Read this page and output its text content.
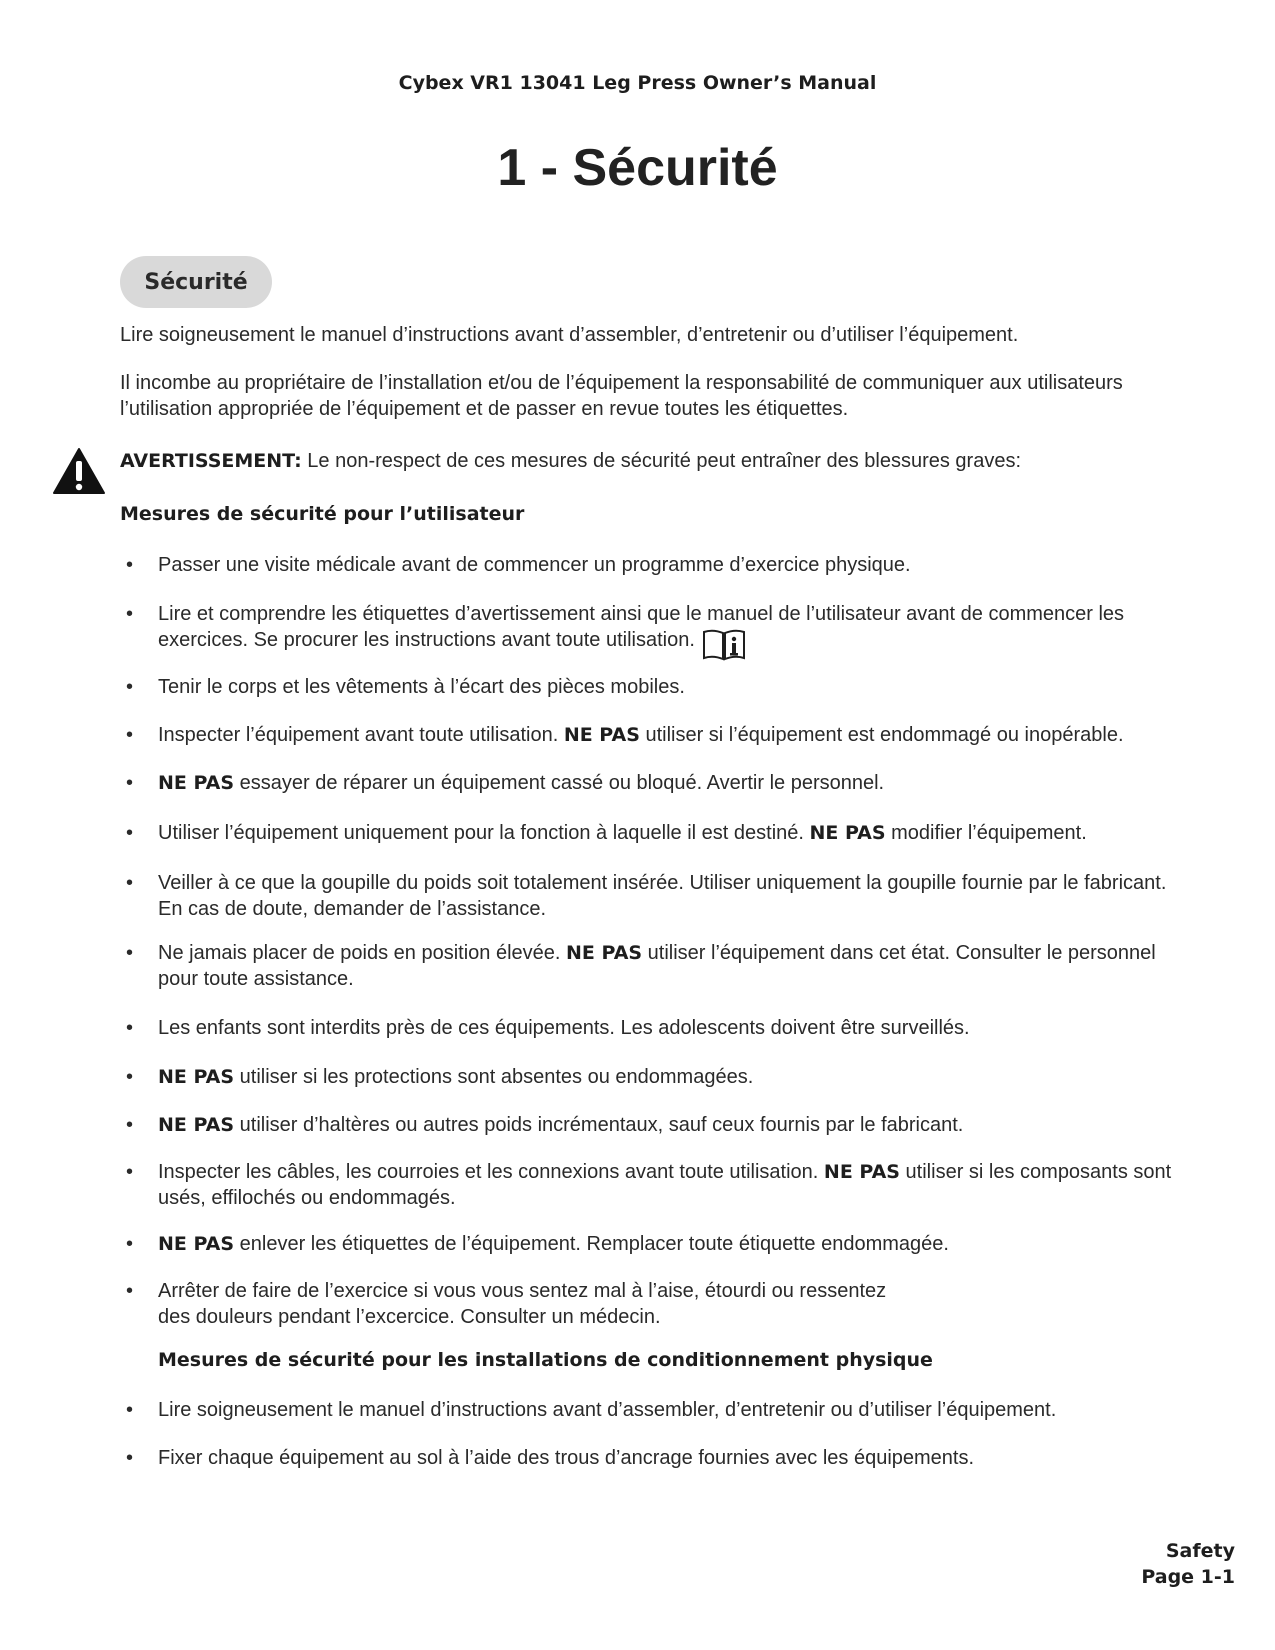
Cybex VR1 13041 Leg Press Owner’s Manual
1 - Sécurité
Sécurité
Lire soigneusement le manuel d’instructions avant d’assembler, d’entretenir ou d’utiliser l’équipement.
Il incombe au propriétaire de l’installation et/ou de l’équipement la responsabilité de communiquer aux utilisateurs l’utilisation appropriée de l’équipement et de passer en revue toutes les étiquettes.
AVERTISSEMENT: Le non-respect de ces mesures de sécurité peut entraîner des blessures graves:
Mesures de sécurité pour l’utilisateur
• Passer une visite médicale avant de commencer un programme d’exercice physique.
• Lire et comprendre les étiquettes d’avertissement ainsi que le manuel de l’utilisateur avant de commencer les exercices. Se procurer les instructions avant toute utilisation.
• Tenir le corps et les vêtements à l’écart des pièces mobiles.
• Inspecter l’équipement avant toute utilisation. NE PAS utiliser si l’équipement est endommagé ou inopérable.
• NE PAS essayer de réparer un équipement cassé ou bloqué. Avertir le personnel.
• Utiliser l’équipement uniquement pour la fonction à laquelle il est destiné. NE PAS modifier l’équipement.
• Veiller à ce que la goupille du poids soit totalement insérée. Utiliser uniquement la goupille fournie par le fabricant. En cas de doute, demander de l’assistance.
• Ne jamais placer de poids en position élevée. NE PAS utiliser l’équipement dans cet état. Consulter le personnel pour toute assistance.
• Les enfants sont interdits près de ces équipements. Les adolescents doivent être surveillés.
• NE PAS utiliser si les protections sont absentes ou endommagées.
• NE PAS utiliser d’haltères ou autres poids incrémentaux, sauf ceux fournis par le fabricant.
• Inspecter les câbles, les courroies et les connexions avant toute utilisation. NE PAS utiliser si les composants sont usés, effilochés ou endommagés.
• NE PAS enlever les étiquettes de l’équipement. Remplacer toute étiquette endommagée.
• Arrêter de faire de l’exercice si vous vous sentez mal à l’aise, étourdi ou ressentez des douleurs pendant l’excercice. Consulter un médecin.
Mesures de sécurité pour les installations de conditionnement physique
• Lire soigneusement le manuel d’instructions avant d’assembler, d’entretenir ou d’utiliser l’équipement.
• Fixer chaque équipement au sol à l’aide des trous d’ancrage fournies avec les équipements.
Safety
Page 1-1
